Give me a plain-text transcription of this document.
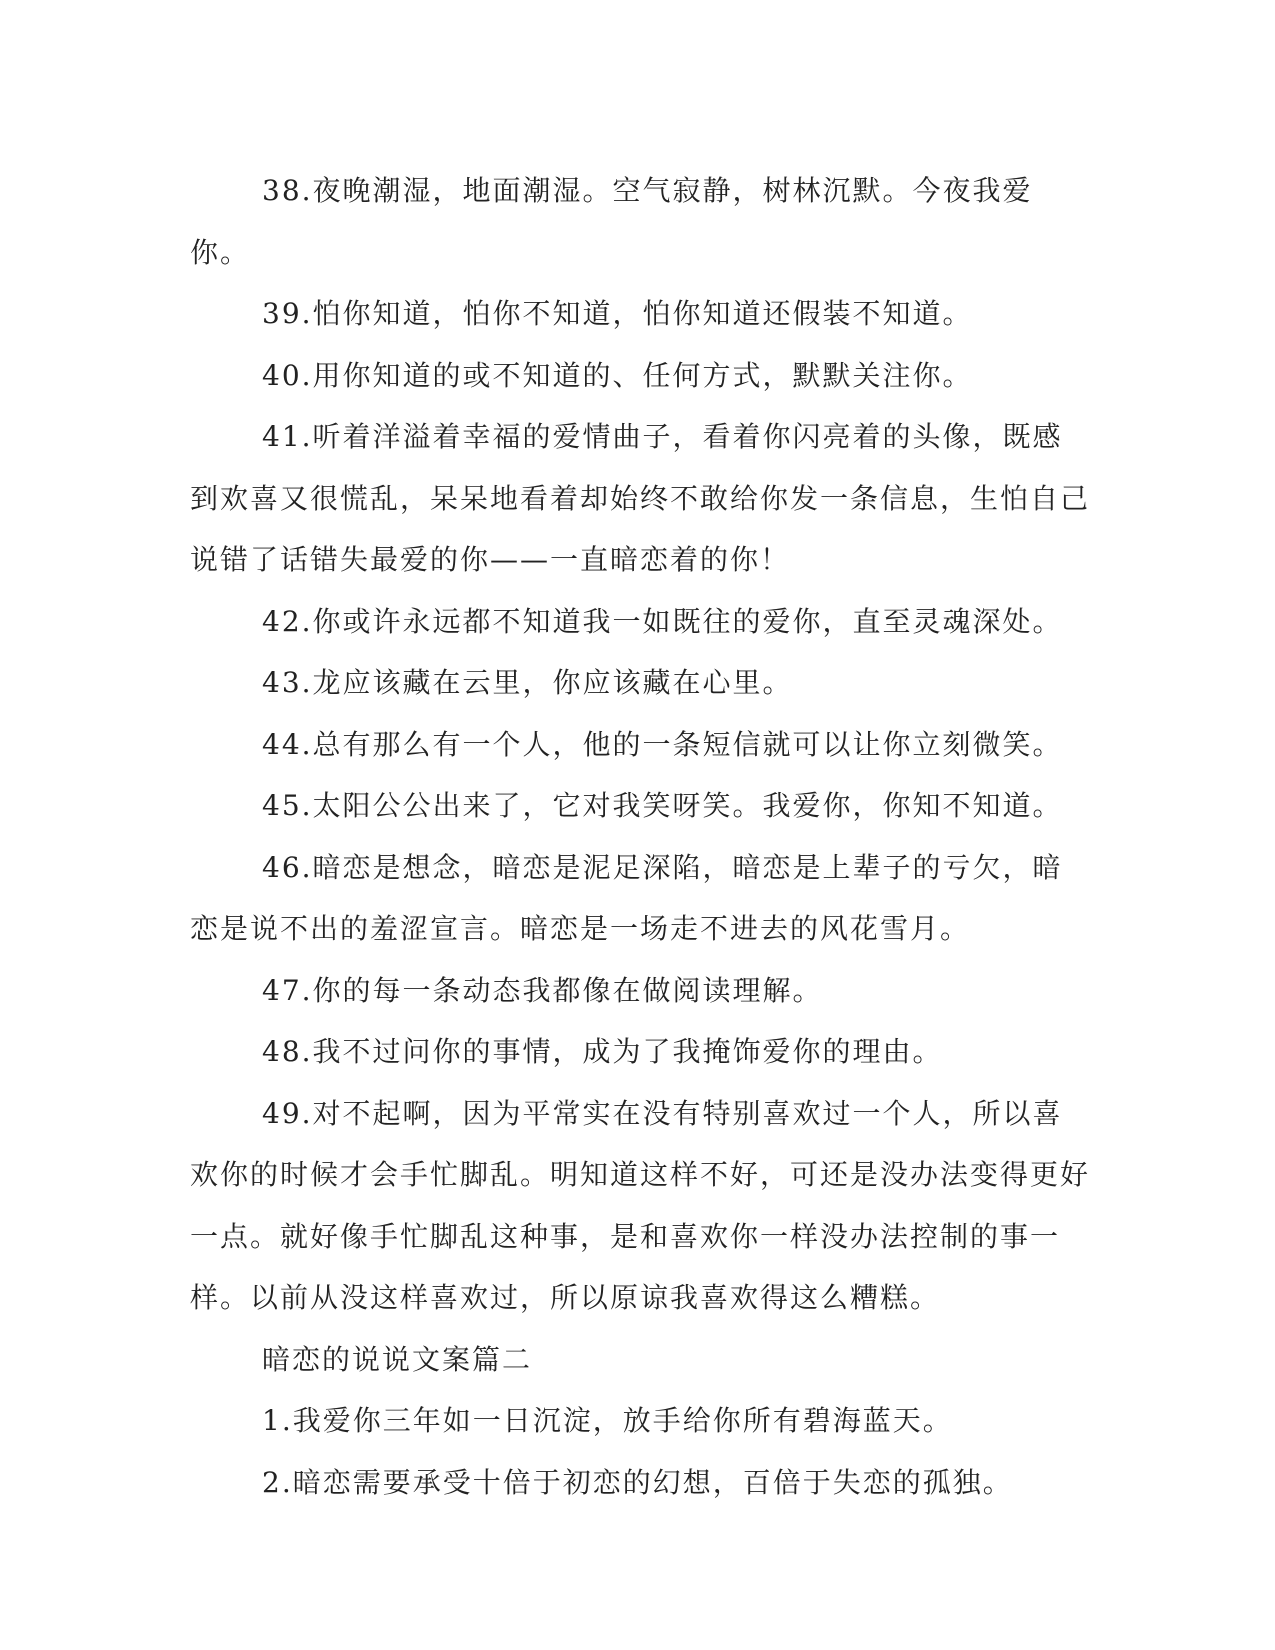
38.夜晚潮湿，地面潮湿。空气寂静，树林沉默。今夜我爱你。

39.怕你知道，怕你不知道，怕你知道还假装不知道。

40.用你知道的或不知道的、任何方式，默默关注你。

41.听着洋溢着幸福的爱情曲子，看着你闪亮着的头像，既感到欢喜又很慌乱，呆呆地看着却始终不敢给你发一条信息，生怕自己说错了话错失最爱的你——一直暗恋着的你！

42.你或许永远都不知道我一如既往的爱你，直至灵魂深处。

43.龙应该藏在云里，你应该藏在心里。

44.总有那么有一个人，他的一条短信就可以让你立刻微笑。

45.太阳公公出来了，它对我笑呀笑。我爱你，你知不知道。

46.暗恋是想念，暗恋是泥足深陷，暗恋是上辈子的亏欠，暗恋是说不出的羞涩宣言。暗恋是一场走不进去的风花雪月。

47.你的每一条动态我都像在做阅读理解。

48.我不过问你的事情，成为了我掩饰爱你的理由。

49.对不起啊，因为平常实在没有特别喜欢过一个人，所以喜欢你的时候才会手忙脚乱。明知道这样不好，可还是没办法变得更好一点。就好像手忙脚乱这种事，是和喜欢你一样没办法控制的事一样。以前从没这样喜欢过，所以原谅我喜欢得这么糟糕。

暗恋的说说文案篇二

1.我爱你三年如一日沉淀，放手给你所有碧海蓝天。

2.暗恋需要承受十倍于初恋的幻想，百倍于失恋的孤独。
